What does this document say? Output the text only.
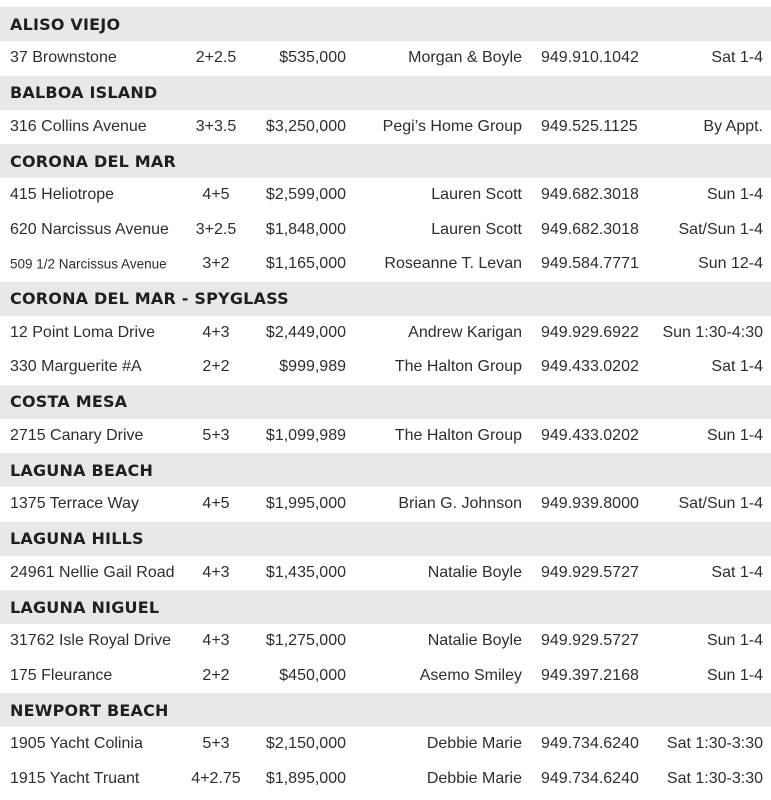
ALISO VIEJO
37 Brownstone	2+2.5	$535,000	Morgan & Boyle 949.910.1042	Sat 1-4
BALBOA ISLAND
316 Collins Avenue	3+3.5 $3,250,000 Pegi’s Home Group 949.525.1125	By Appt.
CORONA DEL MAR
415 Heliotrope	4+5 $2,599,000	Lauren Scott 949.682.3018	Sun 1-4
620 Narcissus Avenue 3+2.5 $1,848,000	Lauren Scott 949.682.3018 Sat/Sun 1-4
509 1/2 Narcissus Avenue 3+2 $1,165,000 Roseanne T. Levan 949.584.7771	Sun 12-4
CORONA DEL MAR - SPYGLASS
12 Point Loma Drive	4+3 $2,449,000	Andrew Karigan 949.929.6922 Sun 1:30-4:30
330 Marguerite #A	2+2	$999,989	The Halton Group 949.433.0202	Sat 1-4
COSTA MESA
2715 Canary Drive	5+3 $1,099,989	The Halton Group 949.433.0202	Sun 1-4
LAGUNA BEACH
1375 Terrace Way	4+5 $1,995,000	Brian G. Johnson 949.939.8000 Sat/Sun 1-4
LAGUNA HILLS
24961 Nellie Gail Road 4+3 $1,435,000	Natalie Boyle 949.929.5727	Sat 1-4
LAGUNA NIGUEL
31762 Isle Royal Drive 4+3 $1,275,000	Natalie Boyle 949.929.5727	Sun 1-4
175 Fleurance	2+2	$450,000	Asemo Smiley 949.397.2168	Sun 1-4
NEWPORT BEACH
1905 Yacht Colinia	5+3 $2,150,000	Debbie Marie 949.734.6240 Sat 1:30-3:30
1915 Yacht Truant	4+2.75 $1,895,000	Debbie Marie 949.734.6240 Sat 1:30-3:30
